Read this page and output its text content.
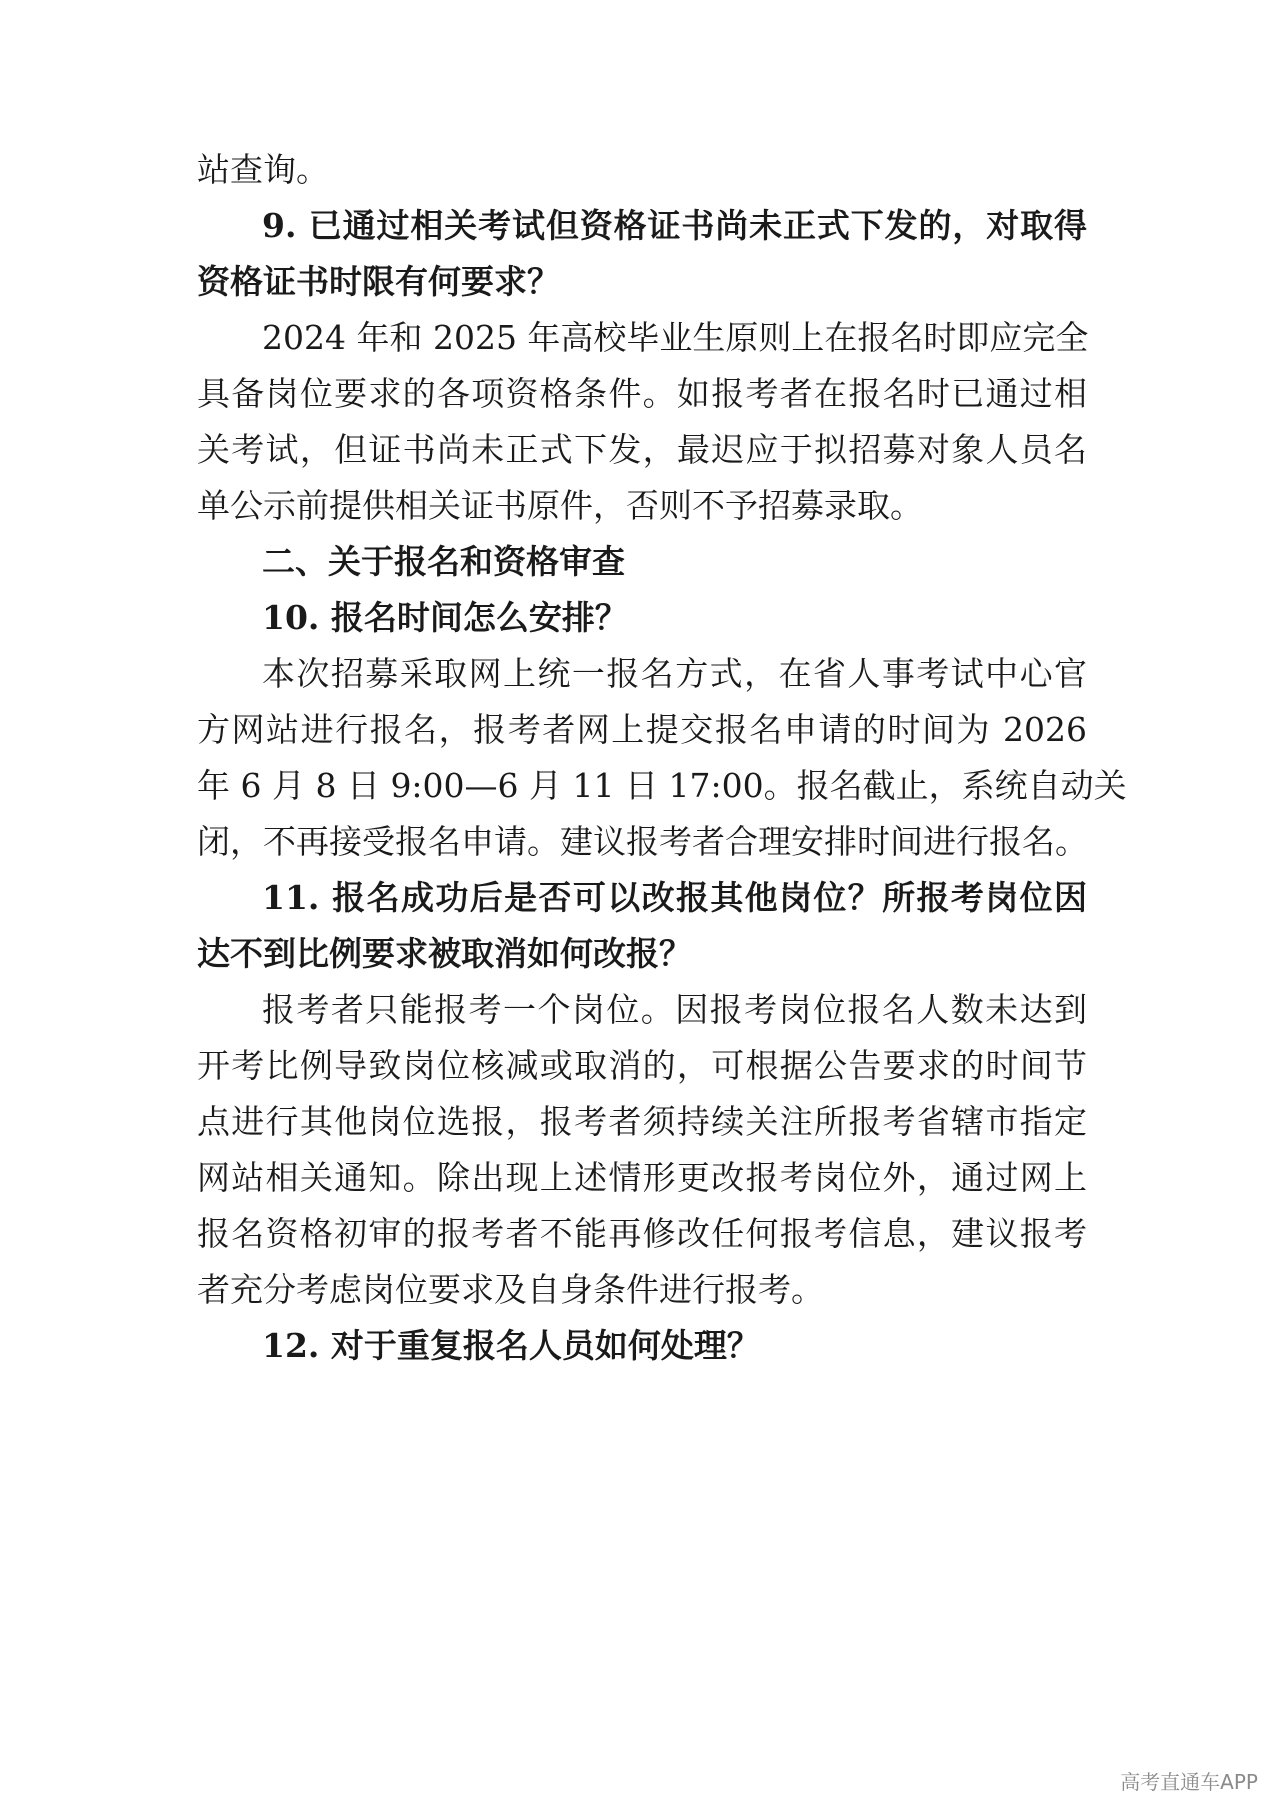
站查询。
9. 已通过相关考试但资格证书尚未正式下发的，对取得
资格证书时限有何要求？
2024 年和 2025 年高校毕业生原则上在报名时即应完全
具备岗位要求的各项资格条件。如报考者在报名时已通过相
关考试，但证书尚未正式下发，最迟应于拟招募对象人员名
单公示前提供相关证书原件，否则不予招募录取。
二、关于报名和资格审查
10. 报名时间怎么安排？
本次招募采取网上统一报名方式，在省人事考试中心官
方网站进行报名，报考者网上提交报名申请的时间为 2026
年 6 月 8 日 9:00—6 月 11 日 17:00。报名截止，系统自动关
闭，不再接受报名申请。建议报考者合理安排时间进行报名。
11. 报名成功后是否可以改报其他岗位？所报考岗位因
达不到比例要求被取消如何改报？
报考者只能报考一个岗位。因报考岗位报名人数未达到
开考比例导致岗位核减或取消的，可根据公告要求的时间节
点进行其他岗位选报，报考者须持续关注所报考省辖市指定
网站相关通知。除出现上述情形更改报考岗位外，通过网上
报名资格初审的报考者不能再修改任何报考信息，建议报考
者充分考虑岗位要求及自身条件进行报考。
12. 对于重复报名人员如何处理？
高考直通车APP
